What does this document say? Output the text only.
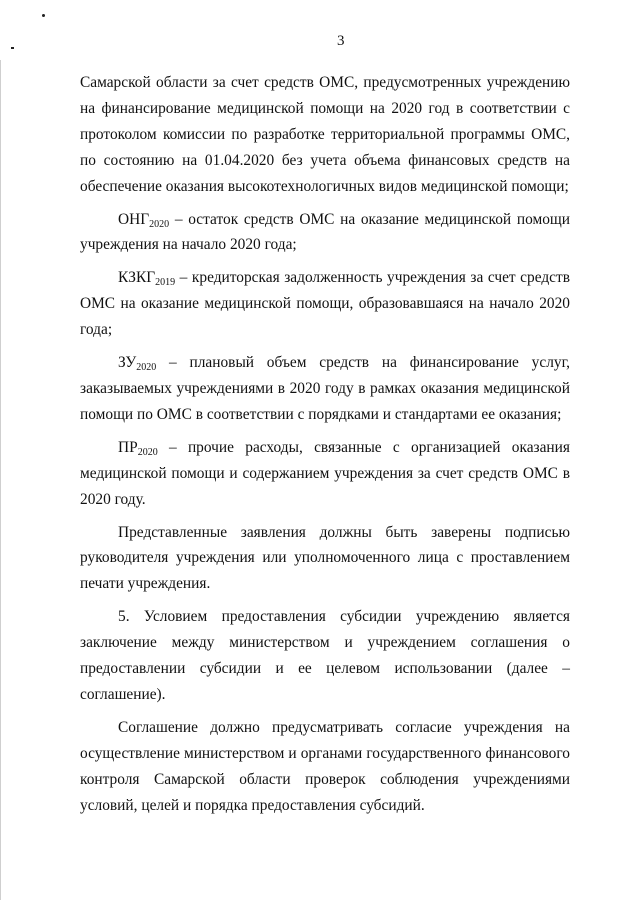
3

Самарской области за счет средств ОМС, предусмотренных учреждению на финансирование медицинской помощи на 2020 год в соответствии с протоколом комиссии по разработке территориальной программы ОМС, по состоянию на 01.04.2020 без учета объема финансовых средств на обеспечение оказания высокотехнологичных видов медицинской помощи;

$ОНГ_{2020}$ – остаток средств ОМС на оказание медицинской помощи учреждения на начало 2020 года;

$КЗКГ_{2019}$ – кредиторская задолженность учреждения за счет средств ОМС на оказание медицинской помощи, образовавшаяся на начало 2020 года;

$ЗУ_{2020}$ – плановый объем средств на финансирование услуг, заказываемых учреждениями в 2020 году в рамках оказания медицинской помощи по ОМС в соответствии с порядками и стандартами ее оказания;

$ПР_{2020}$ – прочие расходы, связанные с организацией оказания медицинской помощи и содержанием учреждения за счет средств ОМС в 2020 году.

Представленные заявления должны быть заверены подписью руководителя учреждения или уполномоченного лица с проставлением печати учреждения.

5. Условием предоставления субсидии учреждению является заключение между министерством и учреждением соглашения о предоставлении субсидии и ее целевом использовании (далее – соглашение).

Соглашение должно предусматривать согласие учреждения на осуществление министерством и органами государственного финансового контроля Самарской области проверок соблюдения учреждениями условий, целей и порядка предоставления субсидий.
